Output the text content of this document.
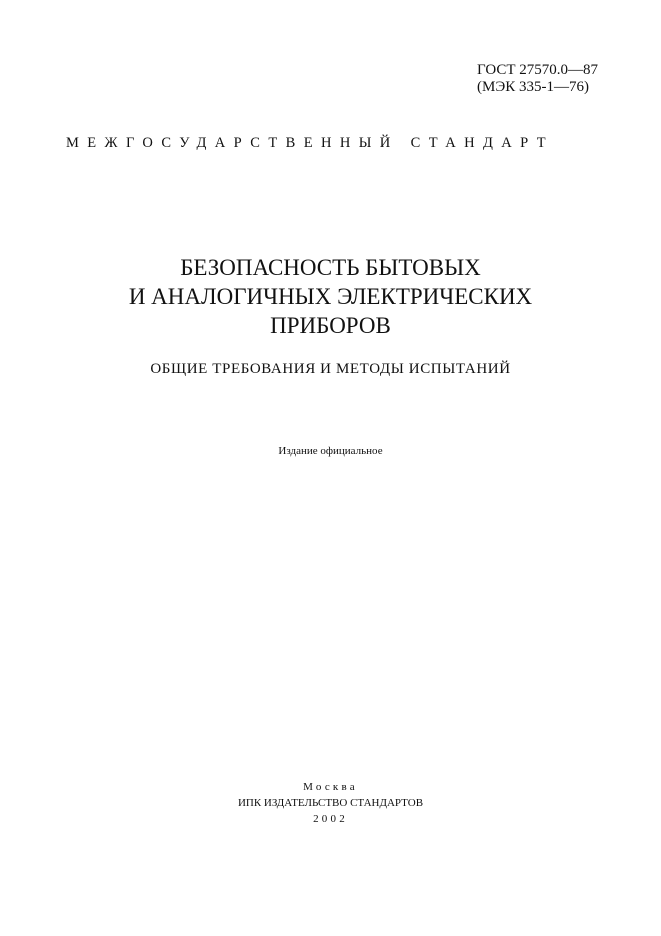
ГОСТ 27570.0—87
(МЭК 335-1—76)
МЕЖГОСУДАРСТВЕННЫЙ СТАНДАРТ
БЕЗОПАСНОСТЬ БЫТОВЫХ
И АНАЛОГИЧНЫХ ЭЛЕКТРИЧЕСКИХ
ПРИБОРОВ
ОБЩИЕ ТРЕБОВАНИЯ И МЕТОДЫ ИСПЫТАНИЙ
Издание официальное
Москва
ИПК ИЗДАТЕЛЬСТВО СТАНДАРТОВ
2002
